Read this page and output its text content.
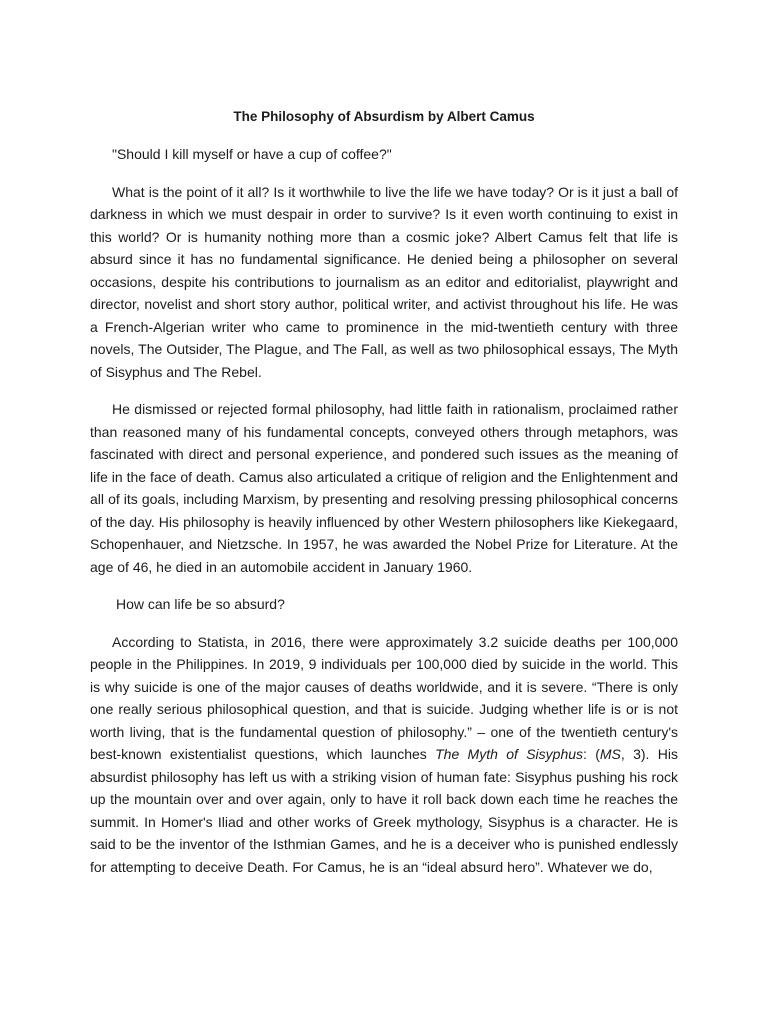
The Philosophy of Absurdism by Albert Camus

"Should I kill myself or have a cup of coffee?"

What is the point of it all? Is it worthwhile to live the life we have today? Or is it just a ball of darkness in which we must despair in order to survive? Is it even worth continuing to exist in this world? Or is humanity nothing more than a cosmic joke? Albert Camus felt that life is absurd since it has no fundamental significance. He denied being a philosopher on several occasions, despite his contributions to journalism as an editor and editorialist, playwright and director, novelist and short story author, political writer, and activist throughout his life. He was a French-Algerian writer who came to prominence in the mid-twentieth century with three novels, The Outsider, The Plague, and The Fall, as well as two philosophical essays, The Myth of Sisyphus and The Rebel.

He dismissed or rejected formal philosophy, had little faith in rationalism, proclaimed rather than reasoned many of his fundamental concepts, conveyed others through metaphors, was fascinated with direct and personal experience, and pondered such issues as the meaning of life in the face of death. Camus also articulated a critique of religion and the Enlightenment and all of its goals, including Marxism, by presenting and resolving pressing philosophical concerns of the day. His philosophy is heavily influenced by other Western philosophers like Kiekegaard, Schopenhauer, and Nietzsche. In 1957, he was awarded the Nobel Prize for Literature. At the age of 46, he died in an automobile accident in January 1960.

How can life be so absurd?

According to Statista, in 2016, there were approximately 3.2 suicide deaths per 100,000 people in the Philippines. In 2019, 9 individuals per 100,000 died by suicide in the world. This is why suicide is one of the major causes of deaths worldwide, and it is severe. “There is only one really serious philosophical question, and that is suicide. Judging whether life is or is not worth living, that is the fundamental question of philosophy.” – one of the twentieth century's best-known existentialist questions, which launches The Myth of Sisyphus: (MS, 3). His absurdist philosophy has left us with a striking vision of human fate: Sisyphus pushing his rock up the mountain over and over again, only to have it roll back down each time he reaches the summit. In Homer's Iliad and other works of Greek mythology, Sisyphus is a character. He is said to be the inventor of the Isthmian Games, and he is a deceiver who is punished endlessly for attempting to deceive Death. For Camus, he is an “ideal absurd hero”. Whatever we do,
